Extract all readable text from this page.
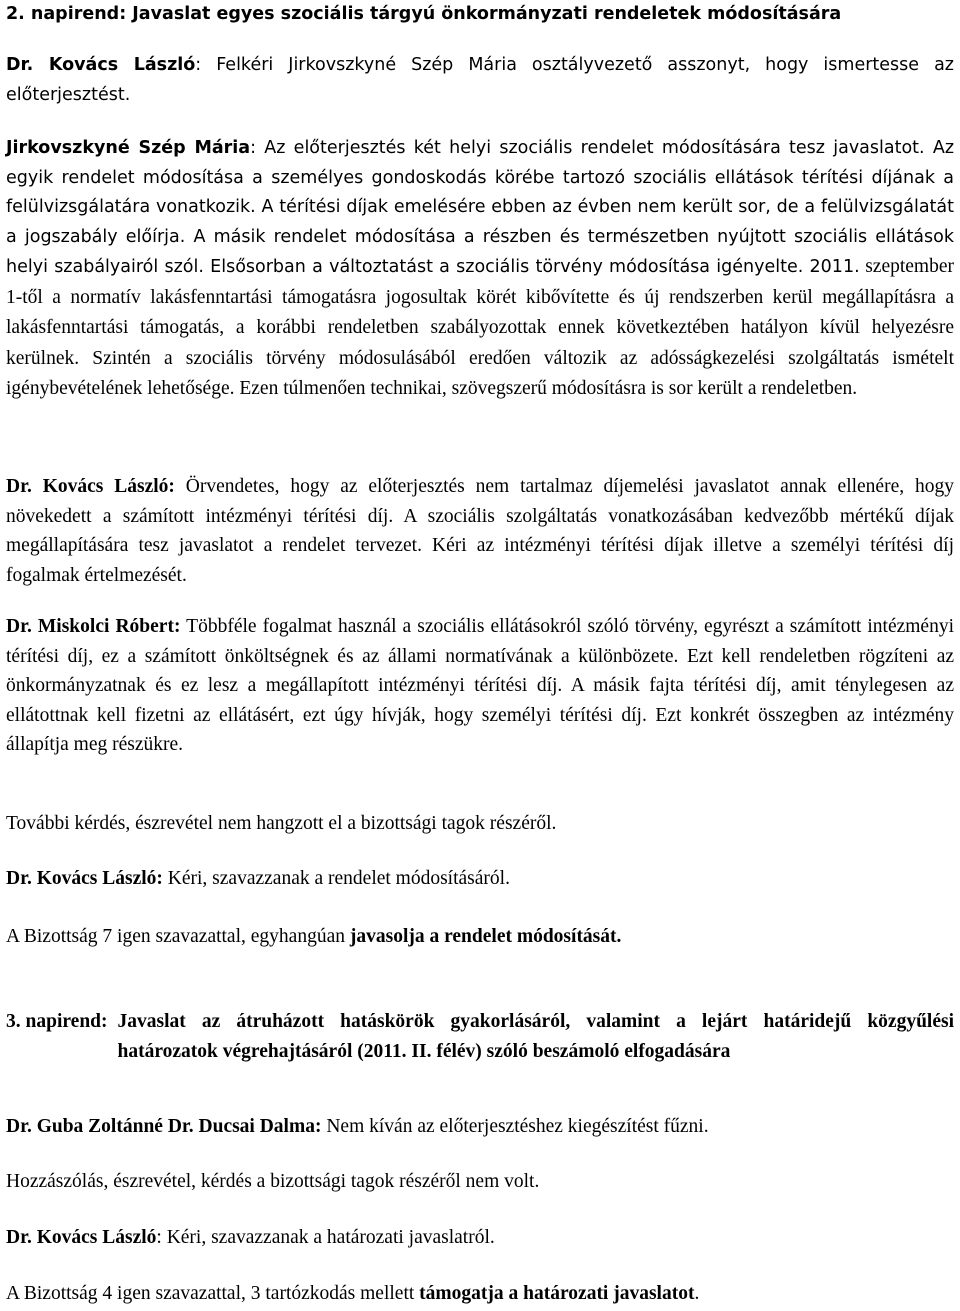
2. napirend: Javaslat egyes szociális tárgyú önkormányzati rendeletek módosítására

Dr. Kovács László: Felkéri Jirkovszkyné Szép Mária osztályvezető asszonyt, hogy ismertesse az előterjesztést.

Jirkovszkyné Szép Mária: Az előterjesztés két helyi szociális rendelet módosítására tesz javaslatot. Az egyik rendelet módosítása a személyes gondoskodás körébe tartozó szociális ellátások térítési díjának a felülvizsgálatára vonatkozik. A térítési díjak emelésére ebben az évben nem került sor, de a felülvizsgálatát a jogszabály előírja. A másik rendelet módosítása a részben és természetben nyújtott szociális ellátások helyi szabályairól szól. Elsősorban a változtatást a szociális törvény módosítása igényelte. 2011. szeptember 1-től a normatív lakásfenntartási támogatásra jogosultak körét kibővítette és új rendszerben kerül megállapításra a lakásfenntartási támogatás, a korábbi rendeletben szabályozottak ennek következtében hatályon kívül helyezésre kerülnek. Szintén a szociális törvény módosulásából eredően változik az adósságkezelési szolgáltatás ismételt igénybevételének lehetősége. Ezen túlmenően technikai, szövegszerű módosításra is sor került a rendeletben.

Dr. Kovács László: Örvendetes, hogy az előterjesztés nem tartalmaz díjemelési javaslatot annak ellenére, hogy növekedett a számított intézményi térítési díj. A szociális szolgáltatás vonatkozásában kedvezőbb mértékű díjak megállapítására tesz javaslatot a rendelet tervezet. Kéri az intézményi térítési díjak illetve a személyi térítési díj fogalmak értelmezését.

Dr. Miskolci Róbert: Többféle fogalmat használ a szociális ellátásokról szóló törvény, egyrészt a számított intézményi térítési díj, ez a számított önköltségnek és az állami normatívának a különbözete. Ezt kell rendeletben rögzíteni az önkormányzatnak és ez lesz a megállapított intézményi térítési díj. A másik fajta térítési díj, amit ténylegesen az ellátottnak kell fizetni az ellátásért, ezt úgy hívják, hogy személyi térítési díj. Ezt konkrét összegben az intézmény állapítja meg részükre.

További kérdés, észrevétel nem hangzott el a bizottsági tagok részéről.

Dr. Kovács László: Kéri, szavazzanak a rendelet módosításáról.

A Bizottság 7 igen szavazattal, egyhangúan javasolja a rendelet módosítását.

3. napirend: Javaslat az átruházott hatáskörök gyakorlásáról, valamint a lejárt határidejű közgyűlési határozatok végrehajtásáról (2011. II. félév) szóló beszámoló elfogadására

Dr. Guba Zoltánné Dr. Ducsai Dalma: Nem kíván az előterjesztéshez kiegészítést fűzni.

Hozzászólás, észrevétel, kérdés a bizottsági tagok részéről nem volt.

Dr. Kovács László: Kéri, szavazzanak a határozati javaslatról.

A Bizottság 4 igen szavazattal, 3 tartózkodás mellett támogatja a határozati javaslatot.
